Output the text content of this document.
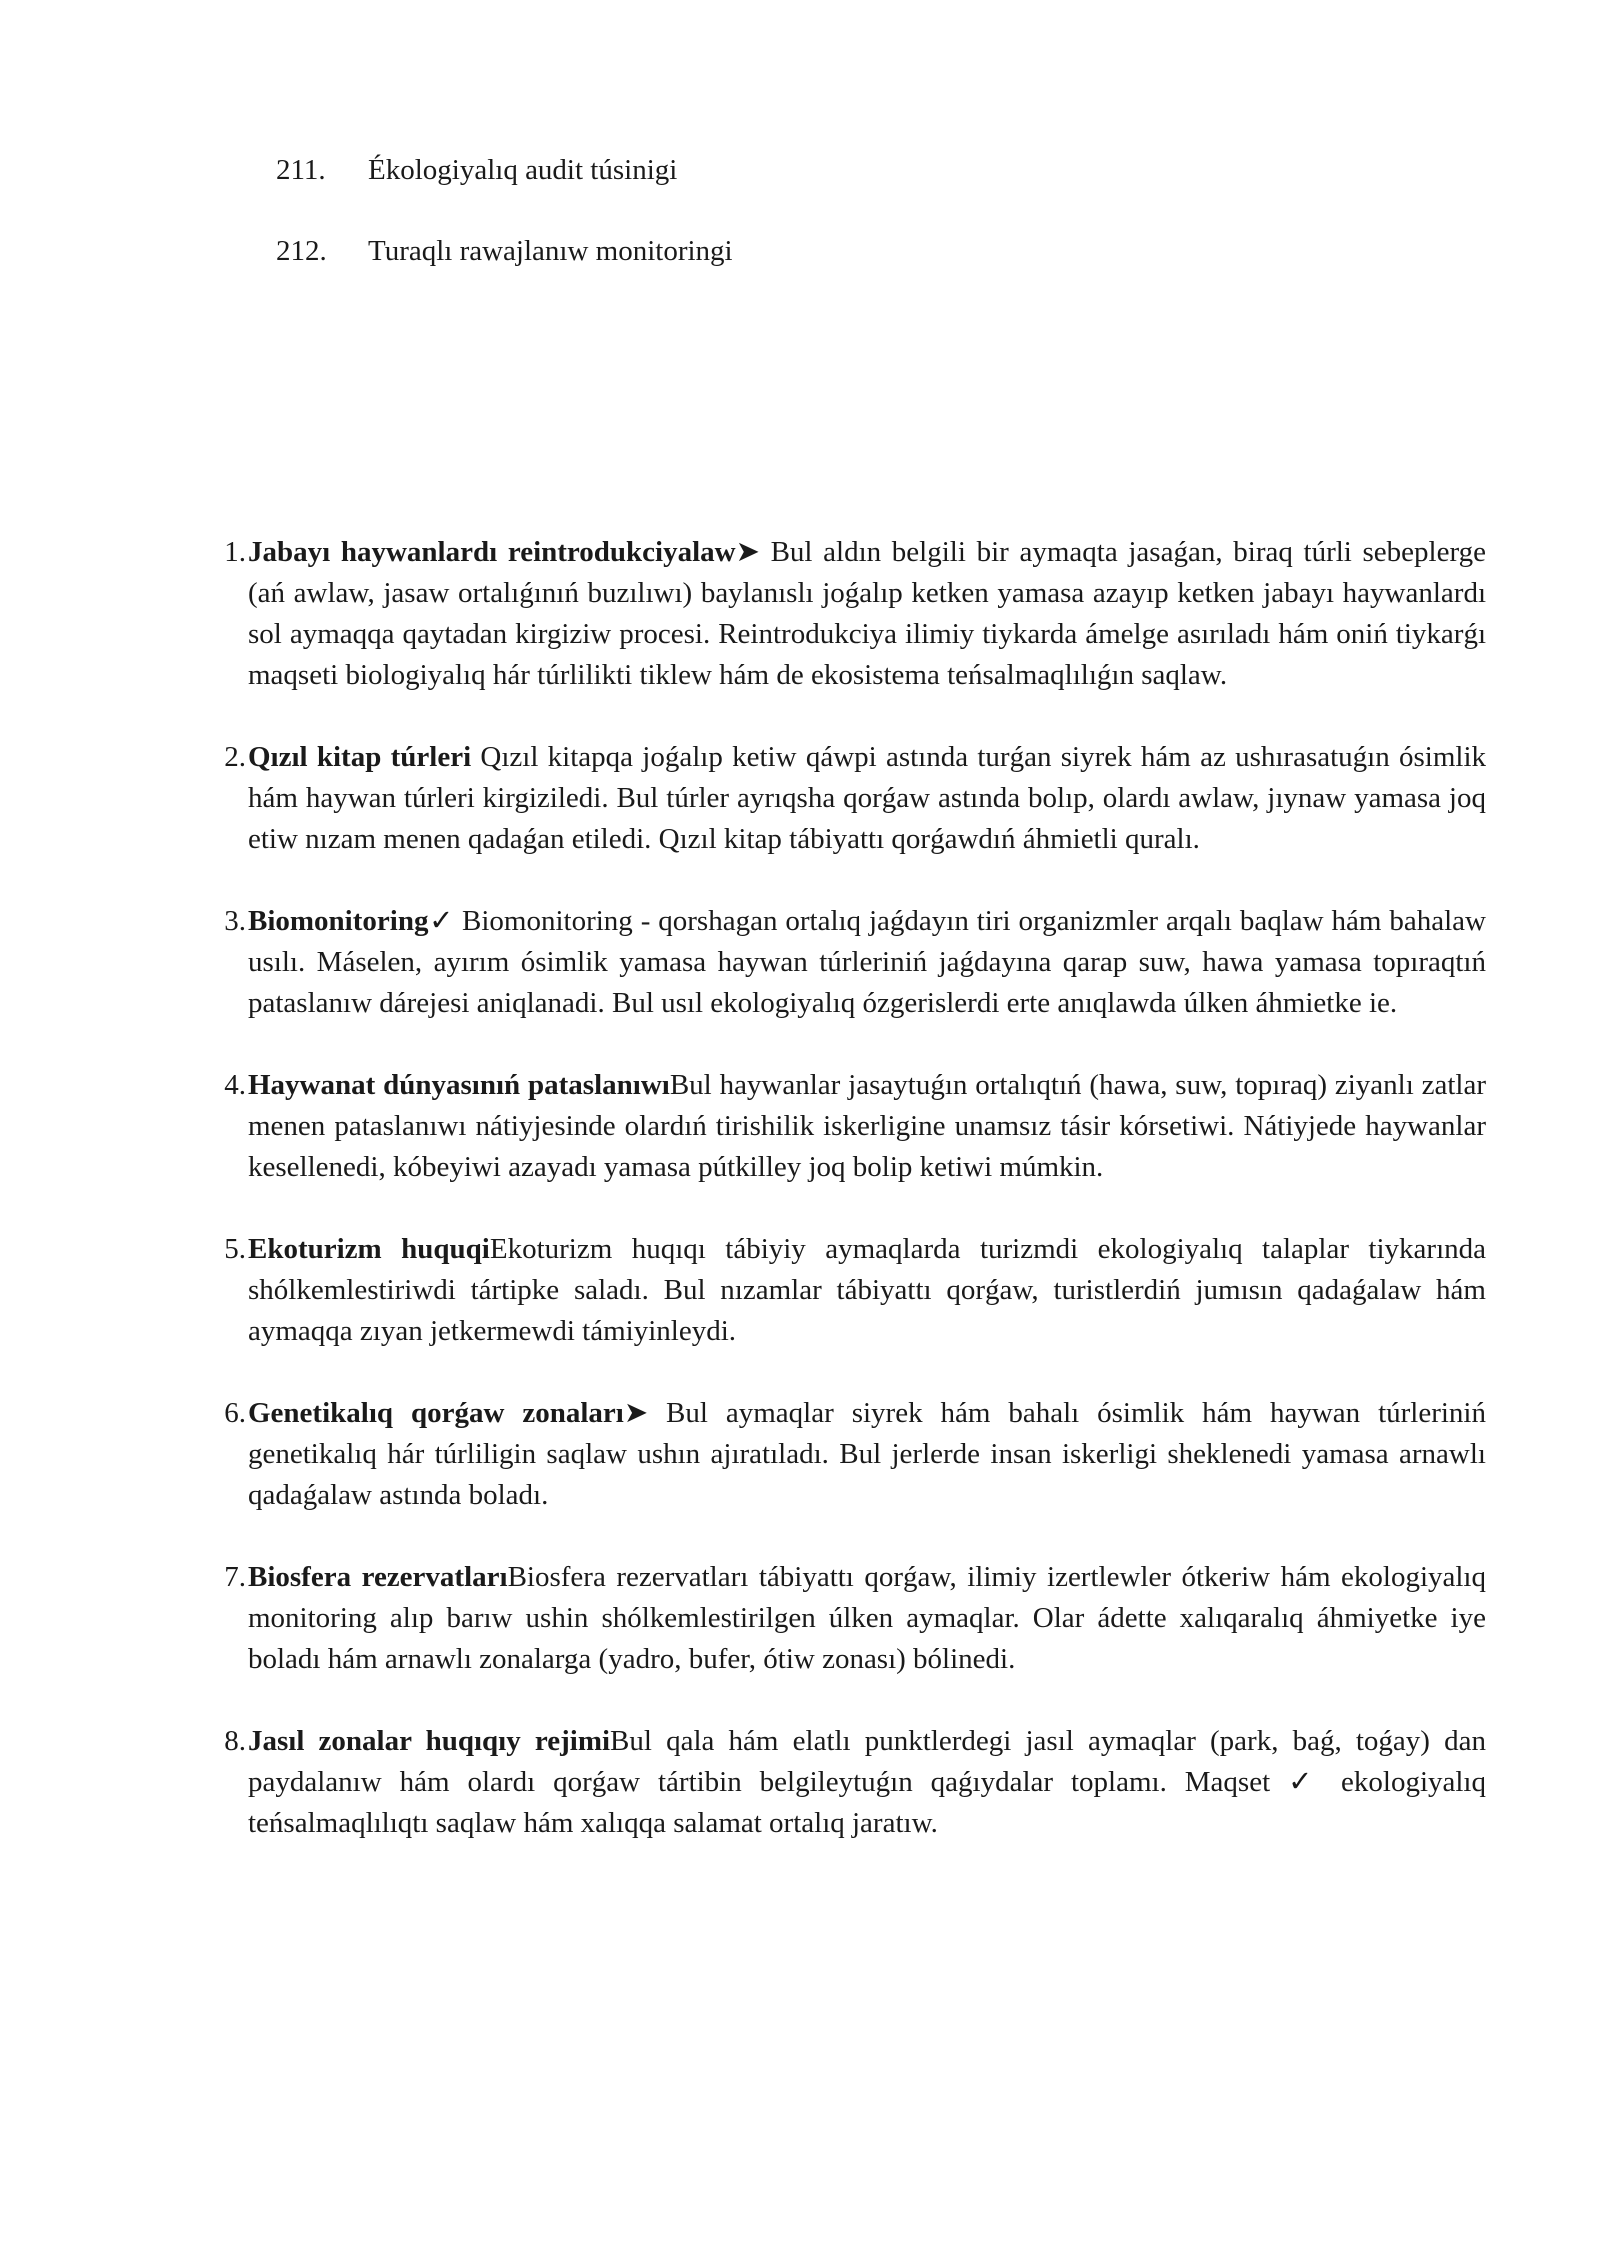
211. Ékologiyalıq audit túsinigi
212. Turaqlı rawajlanıw monitoringi
1. Jabayı haywanlardı reintrodukciyalaw➤ Bul aldın belgili bir aymaqta jasaǵan, biraq túrli sebeplerge (ań awlaw, jasaw ortalıǵınıń buzılıwı) baylanıslı joǵalıp ketken yamasa azayıp ketken jabayı haywanlardı sol aymaqqa qaytadan kirgiziw procesi. Reintrodukciya ilimiy tiykarda ámelge asırıladı hám oniń tiykarǵı maqseti biologiyalıq hár túrlilikti tiklew hám de ekosistema teńsalmaqlılıǵın saqlaw.
2. Qızıl kitap túrleri Qızıl kitapqa joǵalıp ketiw qáwpi astında turǵan siyrek hám az ushırasatuǵın ósimlik hám haywan túrleri kirgiziledi. Bul túrler ayrıqsha qorǵaw astında bolıp, olardı awlaw, jıynaw yamasa joq etiw nızam menen qadaǵan etiledi. Qızıl kitap tábiyattı qorǵawdıń áhmietli quralı.
3. Biomonitoring✓ Biomonitoring - qorshagan ortalıq jaǵdayın tiri organizmler arqalı baqlaw hám bahalaw usılı. Máselen, ayırım ósimlik yamasa haywan túrleriniń jaǵdayına qarap suw, hawa yamasa topıraqtıń pataslanıw dárejesi aniqlanadi. Bul usıl ekologiyalıq ózgerislerdi erte anıqlawda úlken áhmietke ie.
4. Haywanat dúnyasınıń pataslanıwıBul haywanlar jasaytuǵın ortalıqtıń (hawa, suw, topıraq) ziyanlı zatlar menen pataslanıwı nátiyjesinde olardıń tirishilik iskerligine unamsız tásir kórsetiwi. Nátiyjede haywanlar kesellenedi, kóbeyiwi azayadı yamasa pútkilley joq bolip ketiwi múmkin.
5. Ekoturizm huquqiEkoturizm huqıqı tábiyiy aymaqlarda turizmdi ekologiyalıq talaplar tiykarında shólkemlestiriwdi tártipke saladı. Bul nızamlar tábiyattı qorǵaw, turistlerdiń jumısın qadaǵalaw hám aymaqqa zıyan jetkermewdi támiyinleydi.
6. Genetikalıq qorǵaw zonaları➤ Bul aymaqlar siyrek hám bahalı ósimlik hám haywan túrleriniń genetikalıq hár túrliligin saqlaw ushın ajıratıladı. Bul jerlerde insan iskerligi sheklenedi yamasa arnawlı qadaǵalaw astında boladı.
7. Biosfera rezervatlarıBiosfera rezervatları tábiyattı qorǵaw, ilimiy izertlewler ótkeriw hám ekologiyalıq monitoring alıp barıw ushin shólkemlestirilgen úlken aymaqlar. Olar ádette xalıqaralıq áhmiyetke iye boladı hám arnawlı zonalarga (yadro, bufer, ótiw zonası) bólinedi.
8. Jasıl zonalar huqıqıy rejimiBul qala hám elatlı punktlerdegi jasıl aymaqlar (park, baǵ, toǵay) dan paydalanıw hám olardı qorǵaw tártibin belgileytuǵın qaǵıydalar toplamı. Maqset ✓ ekologiyalıq teńsalmaqlılıqtı saqlaw hám xalıqqa salamat ortalıq jaratıw.
